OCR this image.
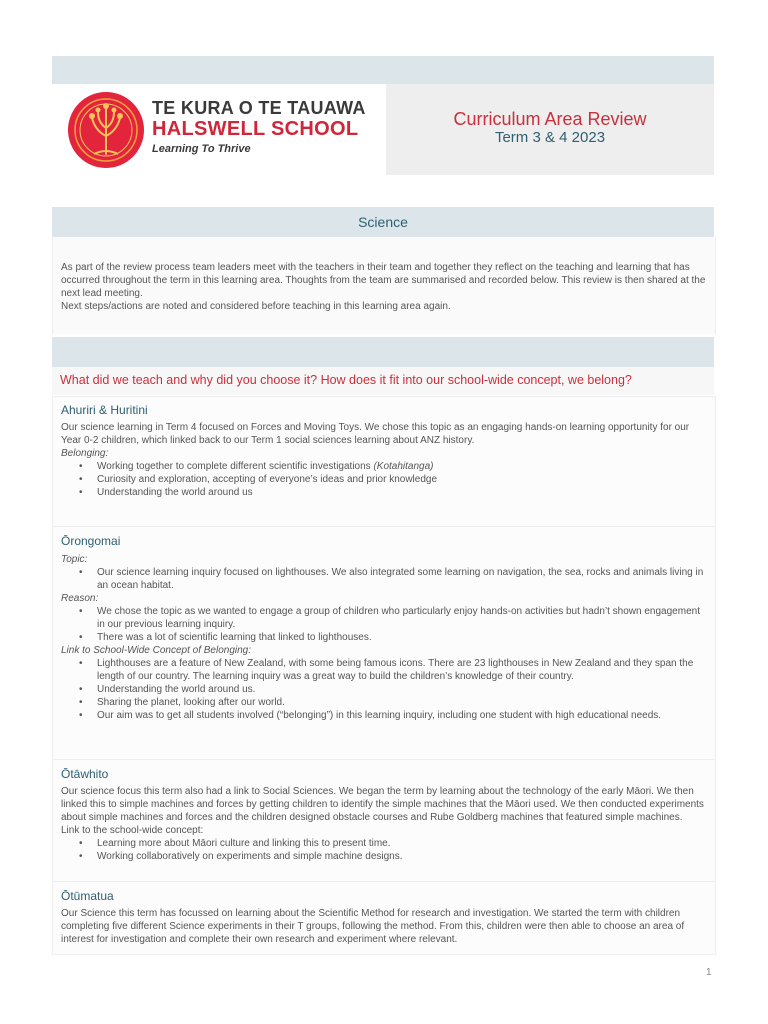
TE KURA O TE TAUAWA
HALSWELL SCHOOL
Learning To Thrive
Curriculum Area Review
Term 3 & 4 2023
Science

As part of the review process team leaders meet with the teachers in their team and together they reflect on the teaching and learning that has occurred throughout the term in this learning area. Thoughts from the team are summarised and recorded below. This review is then shared at the next lead meeting.
Next steps/actions are noted and considered before teaching in this learning area again.

What did we teach and why did you choose it? How does it fit into our school-wide concept, we belong?

Ahuriri & Huritini

Our science learning in Term 4 focused on Forces and Moving Toys. We chose this topic as an engaging hands-on learning opportunity for our Year 0-2 children, which linked back to our Term 1 social sciences learning about ANZ history.

Belonging:

• Working together to complete different scientific investigations (Kotahitanga)
• Curiosity and exploration, accepting of everyone’s ideas and prior knowledge
• Understanding the world around us

Ōrongomai

Topic:

• Our science learning inquiry focused on lighthouses. We also integrated some learning on navigation, the sea, rocks and animals living in an ocean habitat.

Reason:

• We chose the topic as we wanted to engage a group of children who particularly enjoy hands-on activities but hadn’t shown engagement in our previous learning inquiry.
• There was a lot of scientific learning that linked to lighthouses.

Link to School-Wide Concept of Belonging:

• Lighthouses are a feature of New Zealand, with some being famous icons. There are 23 lighthouses in New Zealand and they span the length of our country. The learning inquiry was a great way to build the children’s knowledge of their country.
• Understanding the world around us.
• Sharing the planet, looking after our world.
• Our aim was to get all students involved (“belonging”) in this learning inquiry, including one student with high educational needs.

Ōtāwhito

Our science focus this term also had a link to Social Sciences. We began the term by learning about the technology of the early Māori. We then linked this to simple machines and forces by getting children to identify the simple machines that the Māori used. We then conducted experiments about simple machines and forces and the children designed obstacle courses and Rube Goldberg machines that featured simple machines.

Link to the school-wide concept:

• Learning more about Māori culture and linking this to present time.
• Working collaboratively on experiments and simple machine designs.

Ōtūmatua

Our Science this term has focussed on learning about the Scientific Method for research and investigation. We started the term with children completing five different Science experiments in their T groups, following the method. From this, children were then able to choose an area of interest for investigation and complete their own research and experiment where relevant.

1
